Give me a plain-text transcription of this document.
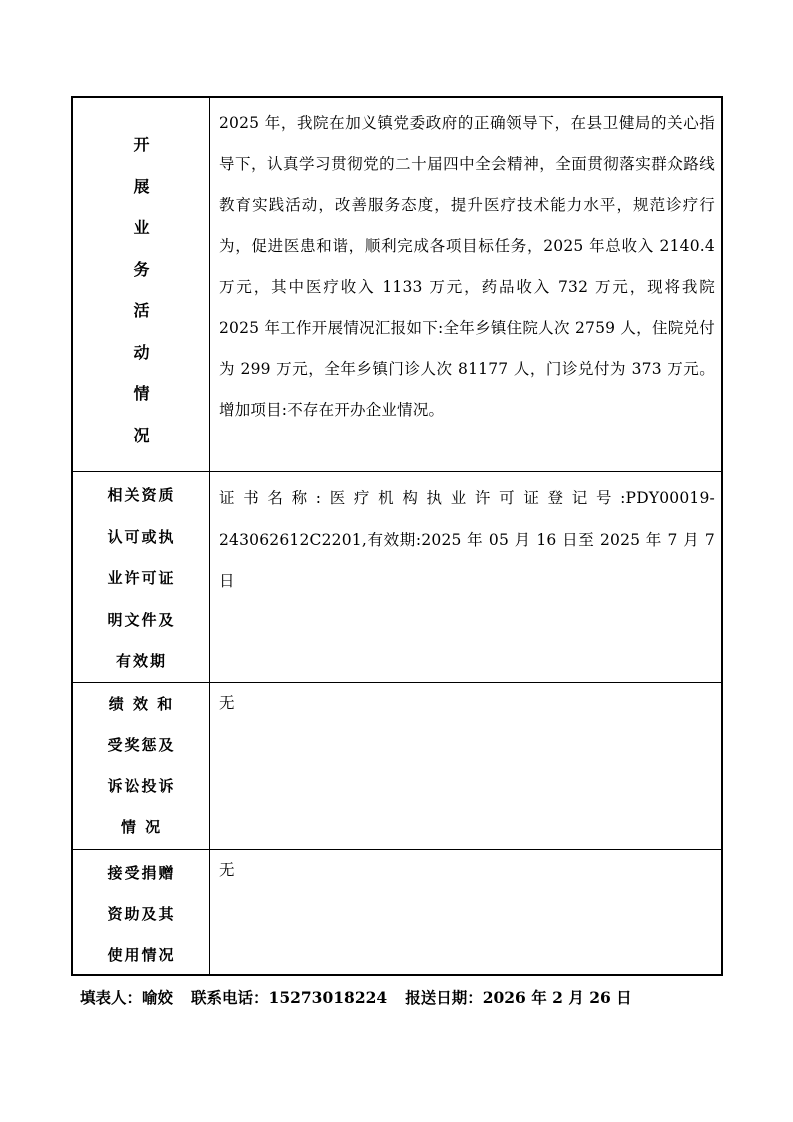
开
展
业
务
活
动
情
况

2025 年，我院在加义镇党委政府的正确领导下，在县卫健局的关心指导下，认真学习贯彻党的二十届四中全会精神，全面贯彻落实群众路线教育实践活动，改善服务态度，提升医疗技术能力水平，规范诊疗行为，促进医患和谐，顺利完成各项目标任务，2025 年总收入 2140.4 万元，其中医疗收入 1133 万元，药品收入 732 万元，现将我院 2025 年工作开展情况汇报如下:全年乡镇住院人次 2759 人，住院兑付为 299 万元，全年乡镇门诊人次 81177 人，门诊兑付为 373 万元。增加项目:不存在开办企业情况。

相关资质
认可或执
业许可证
明文件及
有效期

证书名称:医疗机构执业许可证登记号:PDY00019-243062612C2201,有效期:2025 年 05 月 16 日至 2025 年 7 月 7 日

绩 效 和
受奖惩及
诉讼投诉
情 况

无

接受捐赠
资助及其
使用情况

无

填表人：喻姣 联系电话：15273018224 报送日期：2026 年 2 月 26 日
